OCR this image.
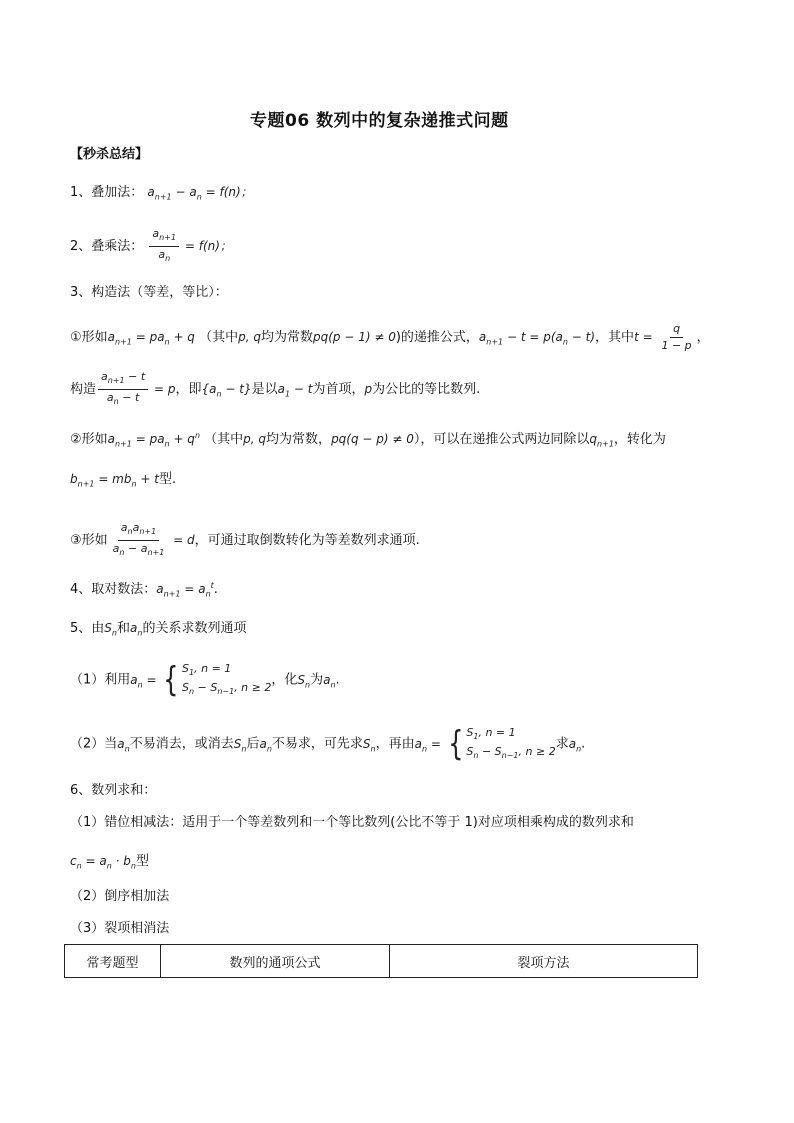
专题06 数列中的复杂递推式问题
【秒杀总结】
1、叠加法： $a_{n+1} - a_n = f(n)$；
2、叠乘法： $\frac{a_{n+1}}{a_n} = f(n)$；
3、构造法（等差，等比）：
①形如$a_{n+1} = pa_n + q$ （其中p, q均为常数pq(p − 1) ≠ 0)的递推公式，$a_{n+1} - t = p(a_n - t)$，其中$t = \frac{q}{1 - p}$ ，
构造 $\frac{a_{n+1} - t}{a_n - t} = p$，即$\{a_n - t\}$是以$a_1 - t$为首项，p为公比的等比数列.
②形如$a_{n+1} = pa_n + q^n$ （其中p, q均为常数，pq(q − p) ≠ 0），可以在递推公式两边同除以$q_{n+1}$，转化为
$b_{n+1} = mb_n + t$型.
③形如 $\frac{a_na_{n+1}}{a_n - a_{n+1}} = d$，可通过取倒数转化为等差数列求通项.
4、取对数法：$a_{n+1} = a_n^t$.
5、由$S_n$和$a_n$的关系求数列通项
（1）利用$a_n$ = { $S_1$, n = 1
$S_n - S_{n-1}$, n ≥ 2 ，化$S_n$为$a_n$.
（2）当$a_n$不易消去，或消去$S_n$后$a_n$不易求，可先求$S_n$，再由$a_n$ = { $S_1$, n = 1
$S_n - S_{n-1}$, n ≥ 2 求$a_n$.
6、数列求和：
（1）错位相减法：适用于一个等差数列和一个等比数列(公比不等于 1)对应项相乘构成的数列求和
$c_n = a_n \cdot b_n$型
（2）倒序相加法
（3）裂项相消法
常考题型	数列的通项公式	裂项方法
